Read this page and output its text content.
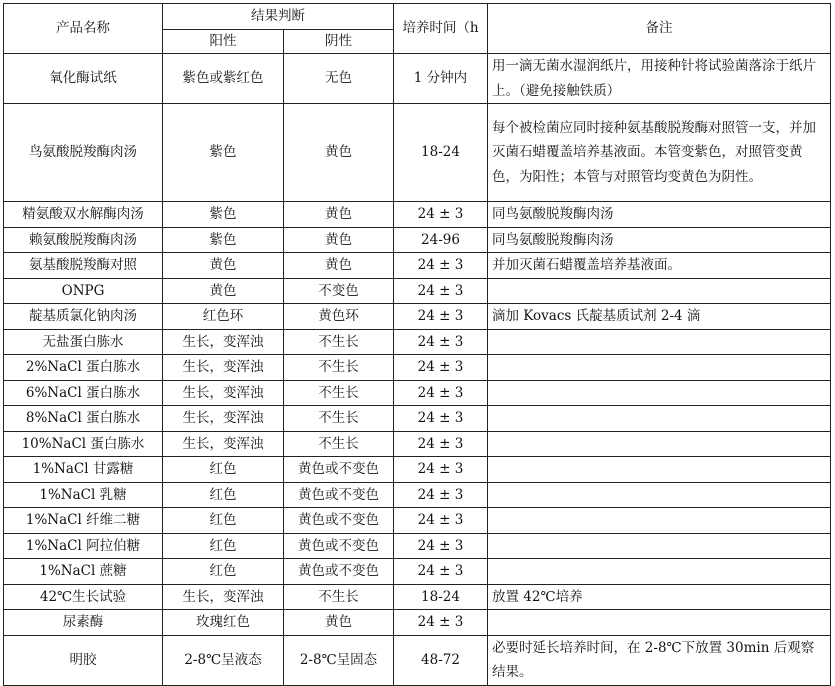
产品名称	结果判断		培养时间（h	备注
	阳性	阴性		
氧化酶试纸	紫色或紫红色	无色	1 分钟内	用一滴无菌水湿润纸片，用接种针将试验菌落涂于纸片上。（避免接触铁质）
鸟氨酸脱羧酶肉汤	紫色	黄色	18-24	每个被检菌应同时接种氨基酸脱羧酶对照管一支，并加灭菌石蜡覆盖培养基液面。本管变紫色，对照管变黄色，为阳性；本管与对照管均变黄色为阴性。
精氨酸双水解酶肉汤	紫色	黄色	24 ± 3	同鸟氨酸脱羧酶肉汤
赖氨酸脱羧酶肉汤	紫色	黄色	24-96	同鸟氨酸脱羧酶肉汤
氨基酸脱羧酶对照	黄色	黄色	24 ± 3	并加灭菌石蜡覆盖培养基液面。
ONPG	黄色	不变色	24 ± 3	
靛基质氯化钠肉汤	红色环	黄色环	24 ± 3	滴加 Kovacs 氏靛基质试剂 2-4 滴
无盐蛋白胨水	生长，变浑浊	不生长	24 ± 3	
2%NaCl 蛋白胨水	生长，变浑浊	不生长	24 ± 3	
6%NaCl 蛋白胨水	生长，变浑浊	不生长	24 ± 3	
8%NaCl 蛋白胨水	生长，变浑浊	不生长	24 ± 3	
10%NaCl 蛋白胨水	生长，变浑浊	不生长	24 ± 3	
1%NaCl 甘露糖	红色	黄色或不变色	24 ± 3	
1%NaCl 乳糖	红色	黄色或不变色	24 ± 3	
1%NaCl 纤维二糖	红色	黄色或不变色	24 ± 3	
1%NaCl 阿拉伯糖	红色	黄色或不变色	24 ± 3	
1%NaCl 蔗糖	红色	黄色或不变色	24 ± 3	
42℃生长试验	生长，变浑浊	不生长	18-24	放置 42℃培养
尿素酶	玫瑰红色	黄色	24 ± 3	
明胶	2-8℃呈液态	2-8℃呈固态	48-72	必要时延长培养时间，在 2-8℃下放置 30min 后观察结果。
